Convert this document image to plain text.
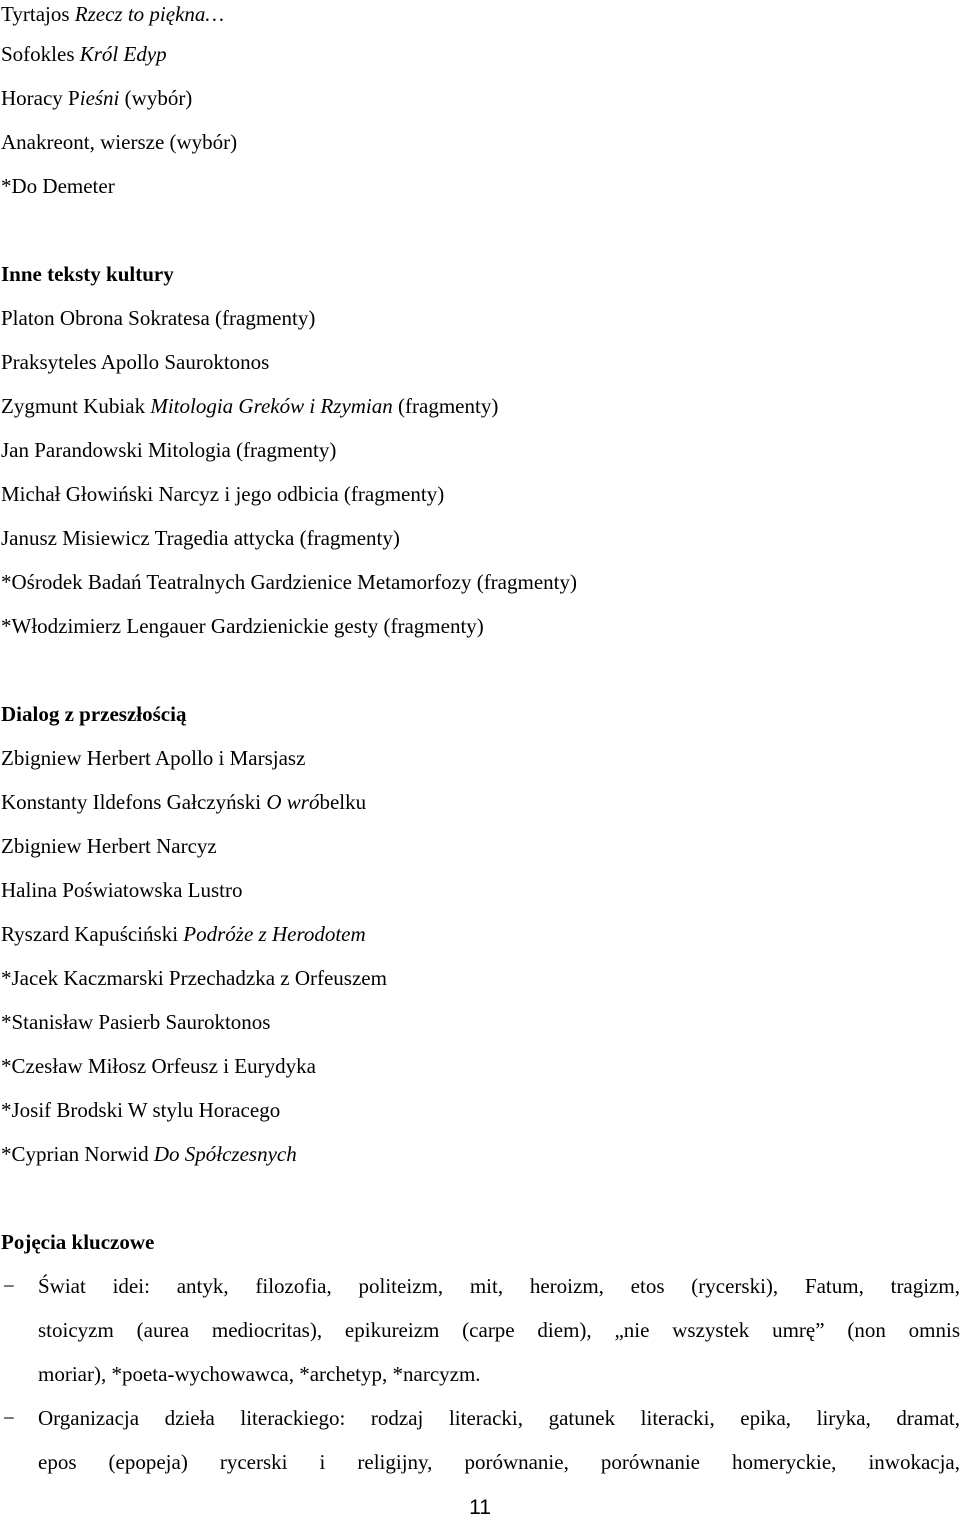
Tyrtajos Rzecz to piękna…
Sofokles Król Edyp
Horacy Pieśni (wybór)
Anakreont, wiersze (wybór)
*Do Demeter
Inne teksty kultury
Platon Obrona Sokratesa (fragmenty)
Praksyteles Apollo Sauroktonos
Zygmunt Kubiak Mitologia Greków i Rzymian (fragmenty)
Jan Parandowski Mitologia (fragmenty)
Michał Głowiński Narcyz i jego odbicia (fragmenty)
Janusz Misiewicz Tragedia attycka (fragmenty)
*Ośrodek Badań Teatralnych Gardzienice Metamorfozy (fragmenty)
*Włodzimierz Lengauer Gardzienickie gesty (fragmenty)
Dialog z przeszłością
Zbigniew Herbert Apollo i Marsjasz
Konstanty Ildefons Gałczyński O wróbelku
Zbigniew Herbert Narcyz
Halina Poświatowska Lustro
Ryszard Kapuściński Podróże z Herodotem
*Jacek Kaczmarski Przechadzka z Orfeuszem
*Stanisław Pasierb Sauroktonos
*Czesław Miłosz Orfeusz i Eurydyka
*Josif Brodski W stylu Horacego
*Cyprian Norwid Do Spółczesnych
Pojęcia kluczowe
− Świat idei: antyk, filozofia, politeizm, mit, heroizm, etos (rycerski), Fatum, tragizm,
stoicyzm (aurea mediocritas), epikureizm (carpe diem), „nie wszystek umrę” (non omnis
moriar), *poeta-wychowawca, *archetyp, *narcyzm.
− Organizacja dzieła literackiego: rodzaj literacki, gatunek literacki, epika, liryka, dramat,
epos (epopeja) rycerski i religijny, porównanie, porównanie homeryckie, inwokacja,
11
